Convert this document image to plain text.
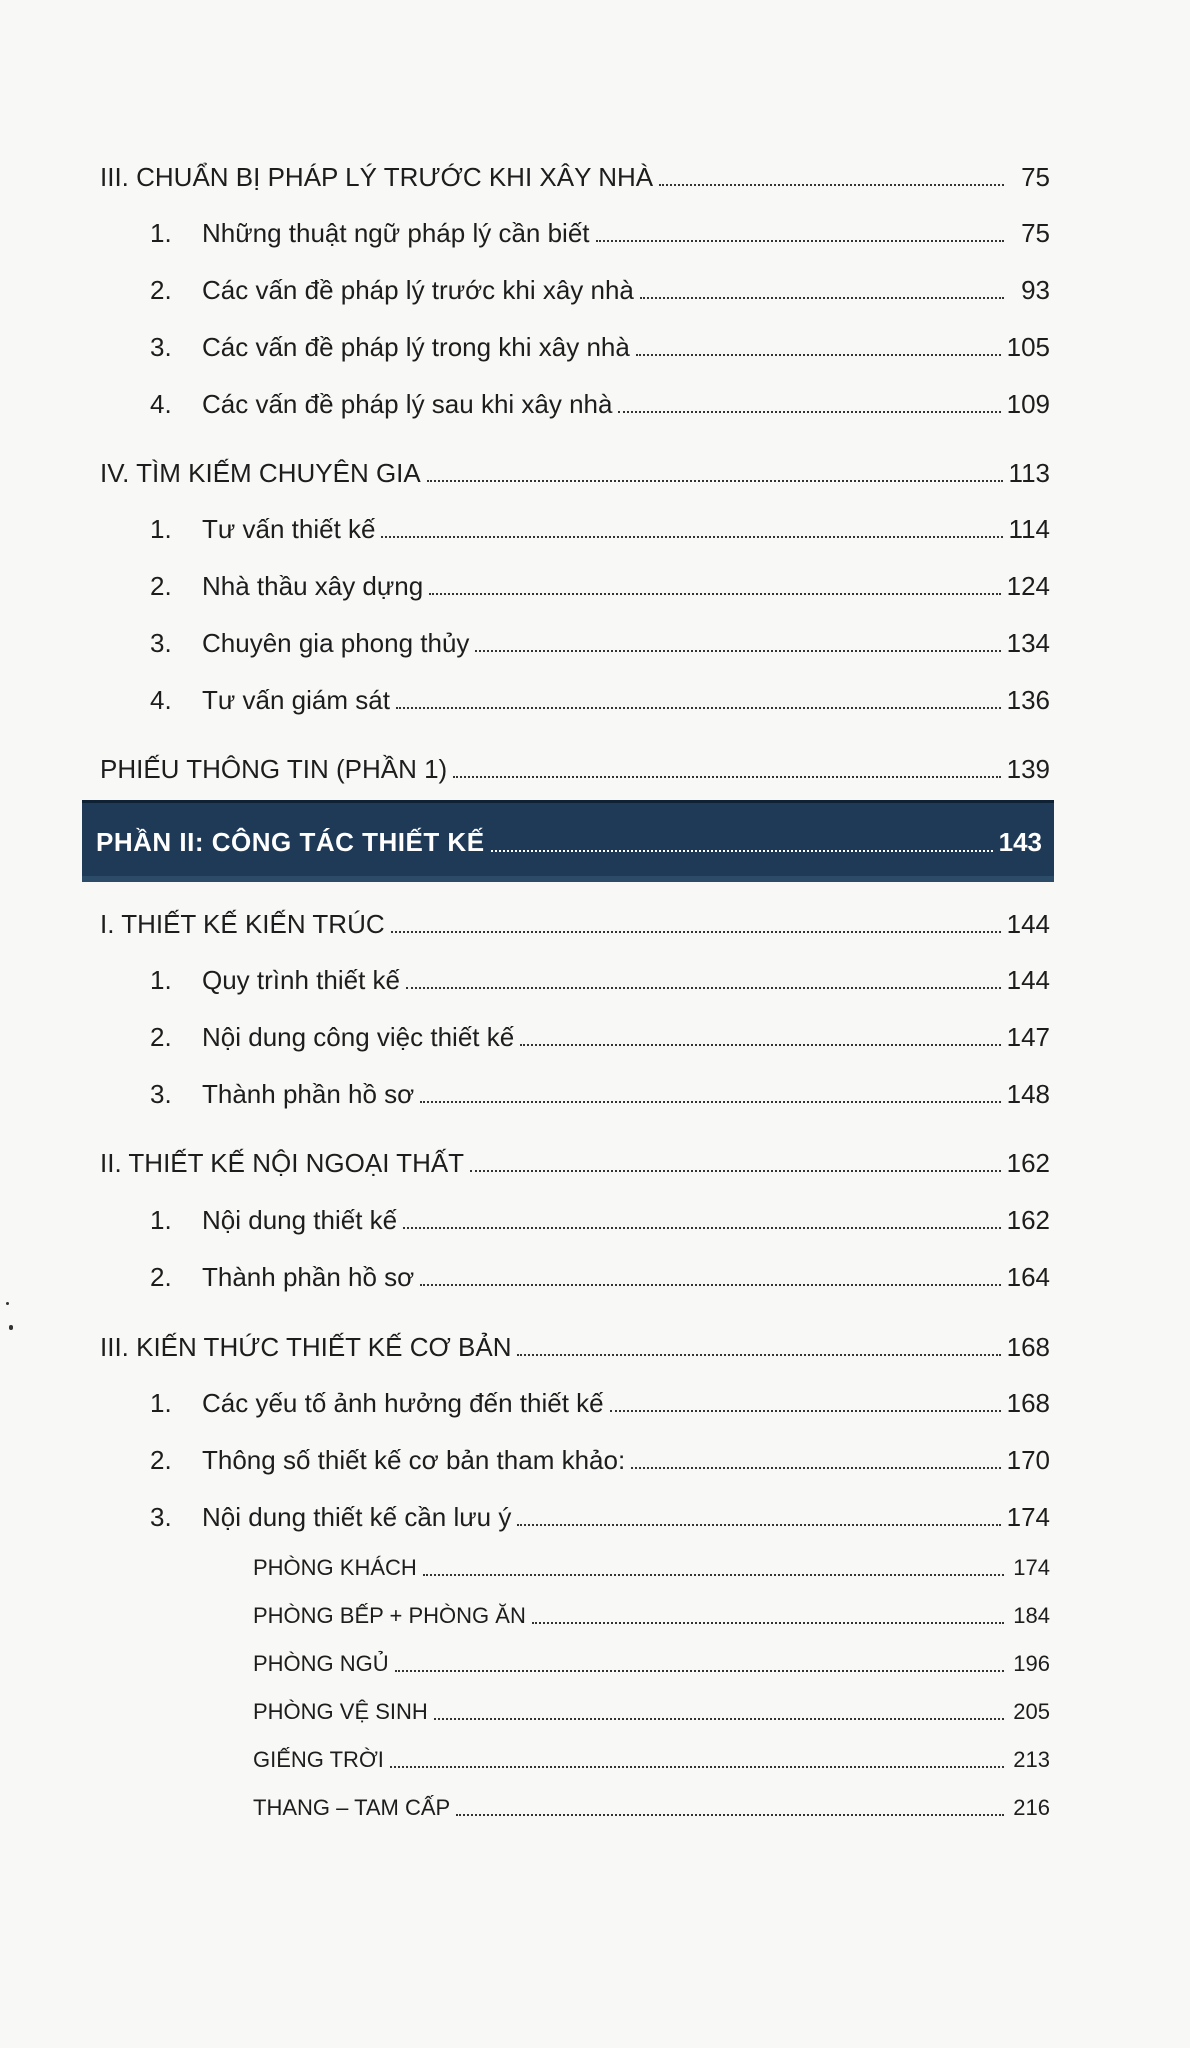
III. CHUẨN BỊ PHÁP LÝ TRƯỚC KHI XÂY NHÀ	75
1.	Những thuật ngữ pháp lý cần biết	75
2.	Các vấn đề pháp lý trước khi xây nhà	93
3.	Các vấn đề pháp lý trong khi xây nhà	105
4.	Các vấn đề pháp lý sau khi xây nhà	109
IV. TÌM KIẾM CHUYÊN GIA	113
1.	Tư vấn thiết kế	114
2.	Nhà thầu xây dựng	124
3.	Chuyên gia phong thủy	134
4.	Tư vấn giám sát	136
PHIẾU THÔNG TIN (PHẦN 1)	139
PHẦN II: CÔNG TÁC THIẾT KẾ	143
I. THIẾT KẾ KIẾN TRÚC	144
1.	Quy trình thiết kế	144
2.	Nội dung công việc thiết kế	147
3.	Thành phần hồ sơ	148
II. THIẾT KẾ NỘI NGOẠI THẤT	162
1.	Nội dung thiết kế	162
2.	Thành phần hồ sơ	164
III. KIẾN THỨC THIẾT KẾ CƠ BẢN	168
1.	Các yếu tố ảnh hưởng đến thiết kế	168
2.	Thông số thiết kế cơ bản tham khảo:	170
3.	Nội dung thiết kế cần lưu ý	174
PHÒNG KHÁCH	174
PHÒNG BẾP + PHÒNG ĂN	184
PHÒNG NGỦ	196
PHÒNG VỆ SINH	205
GIẾNG TRỜI	213
THANG – TAM CẤP	216
